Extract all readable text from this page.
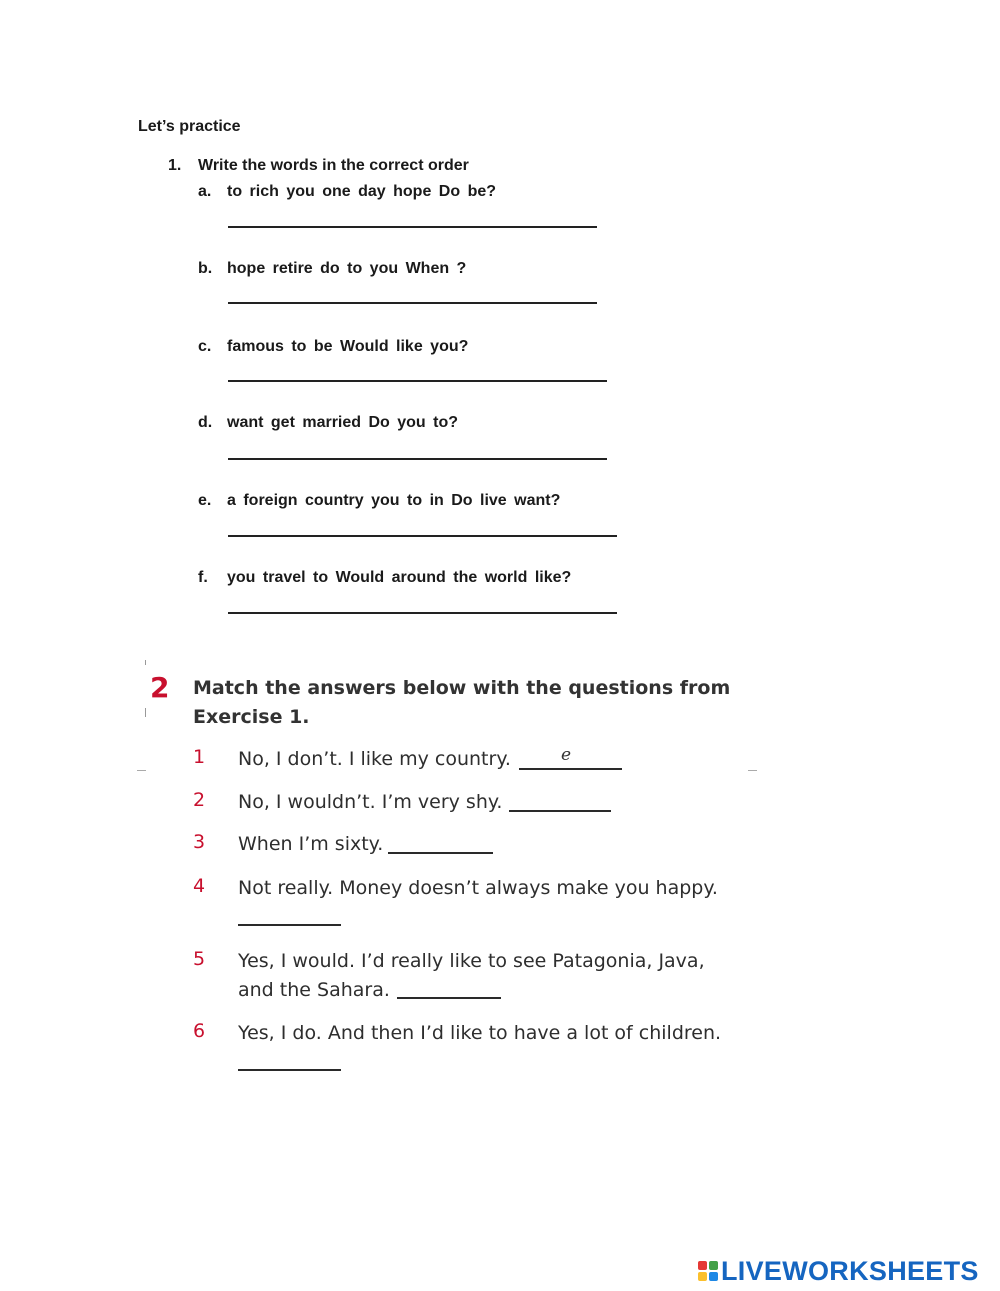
Let’s practice
1. Write the words in the correct order
a. to rich you one day hope Do be?
b. hope retire do to you When ?
c. famous to be Would like you?
d. want get married Do you to?
e. a foreign country you to in Do live want?
f. you travel to Would around the world like?
2 Match the answers below with the questions from
Exercise 1.
1 No, I don’t. I like my country.	e
2 No, I wouldn’t. I’m very shy.
3 When I’m sixty.
4 Not really. Money doesn’t always make you happy.
5 Yes, I would. I’d really like to see Patagonia, Java,
and the Sahara.
6 Yes, I do. And then I’d like to have a lot of children.
LIVEWORKSHEETS
